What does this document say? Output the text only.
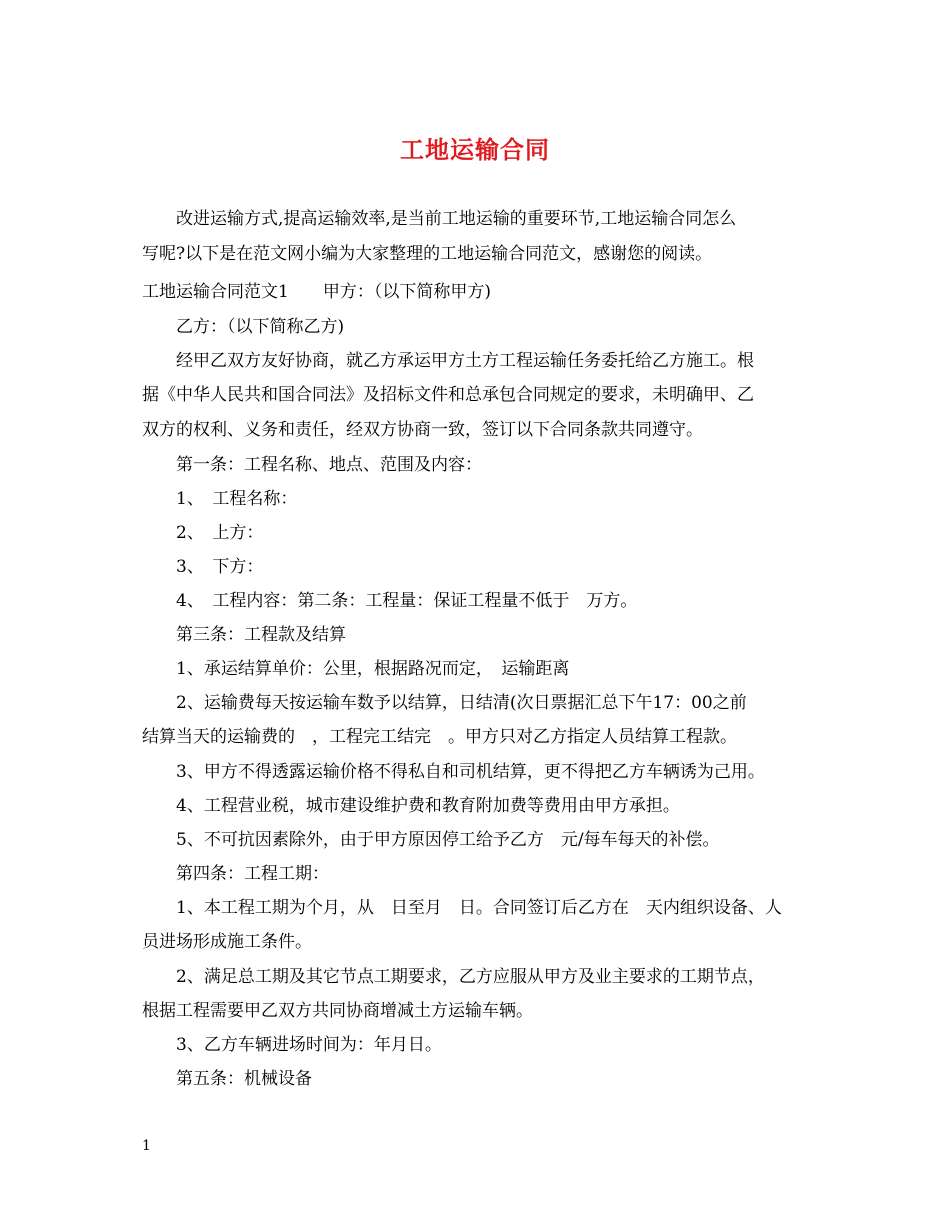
工地运输合同
改进运输方式,提高运输效率,是当前工地运输的重要环节,工地运输合同怎么
写呢?以下是在范文网小编为大家整理的工地运输合同范文，感谢您的阅读。
工地运输合同范文1　　甲方：（以下简称甲方)
乙方：（以下简称乙方)
经甲乙双方友好协商，就乙方承运甲方土方工程运输任务委托给乙方施工。根
据《中华人民共和国合同法》及招标文件和总承包合同规定的要求，未明确甲、乙
双方的权利、义务和责任，经双方协商一致，签订以下合同条款共同遵守。
第一条：工程名称、地点、范围及内容：
1、　工程名称：
2、　上方：
3、　下方：
4、　工程内容：第二条：工程量：保证工程量不低于　万方。
第三条：工程款及结算
1、承运结算单价：公里，根据路况而定，　运输距离
2、运输费每天按运输车数予以结算，日结清(次日票据汇总下午17：00之前
结算当天的运输费的　，工程完工结完　。甲方只对乙方指定人员结算工程款。
3、甲方不得透露运输价格不得私自和司机结算，更不得把乙方车辆诱为己用。
4、工程营业税，城市建设维护费和教育附加费等费用由甲方承担。
5、不可抗因素除外，由于甲方原因停工给予乙方　元/每车每天的补偿。
第四条：工程工期：
1、本工程工期为个月，从　日至月　日。合同签订后乙方在　天内组织设备、人
员进场形成施工条件。
2、满足总工期及其它节点工期要求，乙方应服从甲方及业主要求的工期节点，
根据工程需要甲乙双方共同协商增减土方运输车辆。
3、乙方车辆进场时间为：年月日。
第五条：机械设备
1
